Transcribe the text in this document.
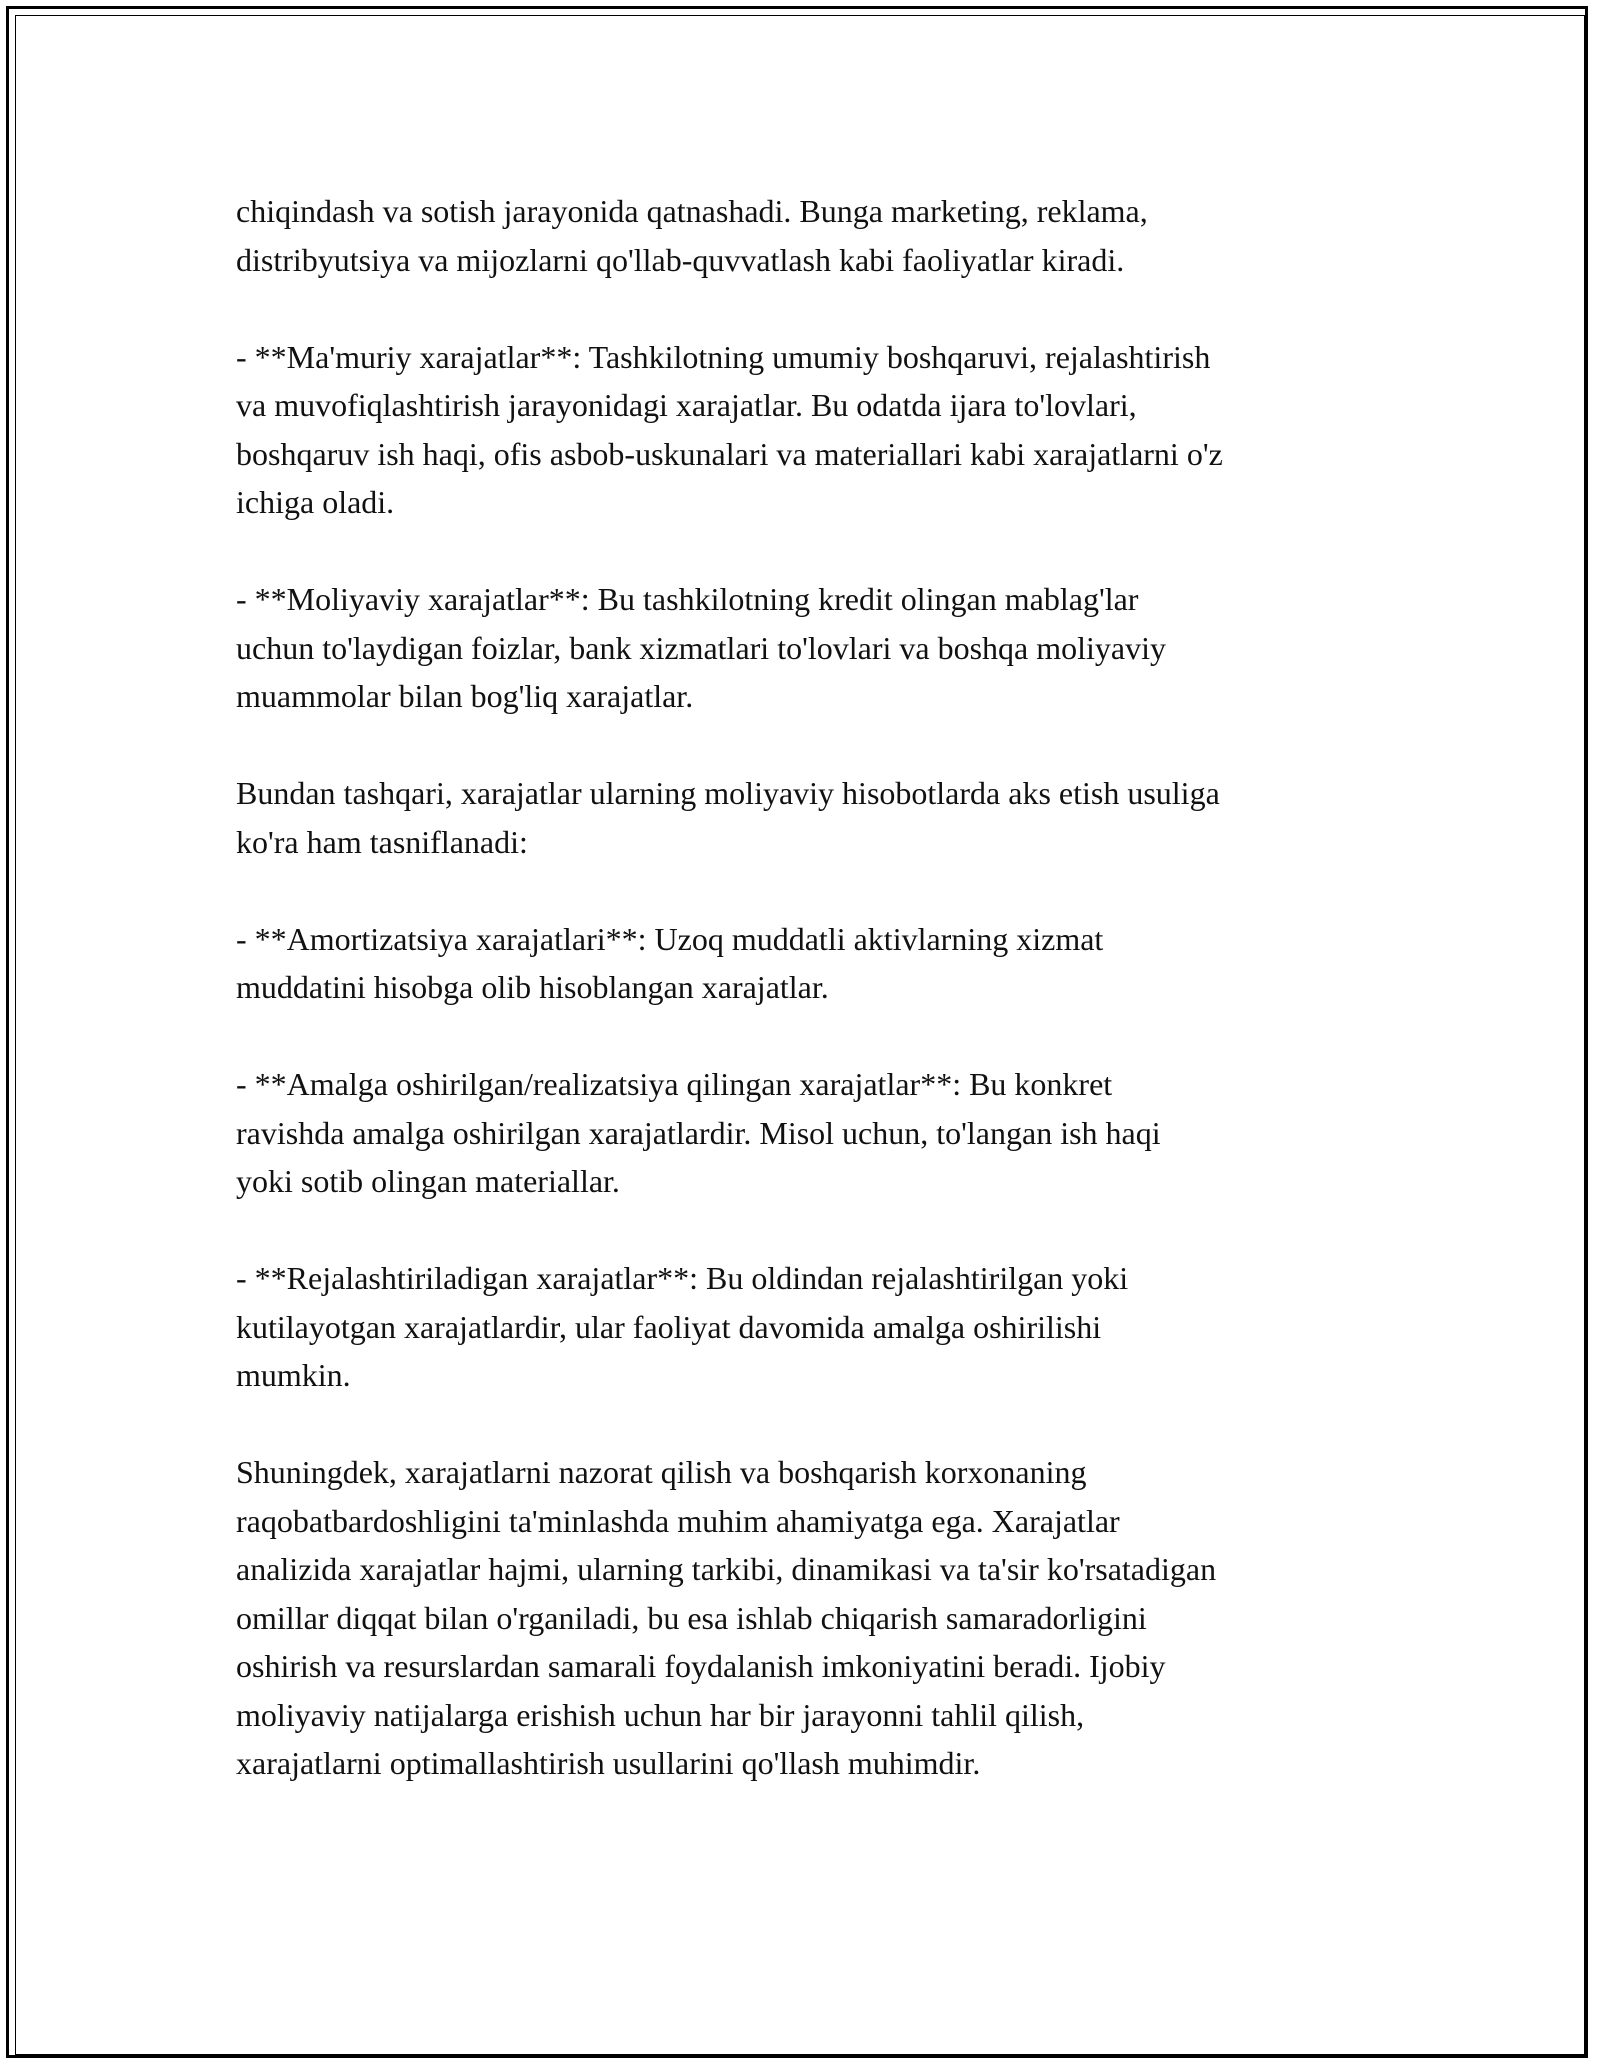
chiqindash va sotish jarayonida qatnashadi. Bunga marketing, reklama,
distribyutsiya va mijozlarni qo'llab-quvvatlash kabi faoliyatlar kiradi.

- **Ma'muriy xarajatlar**: Tashkilotning umumiy boshqaruvi, rejalashtirish
va muvofiqlashtirish jarayonidagi xarajatlar. Bu odatda ijara to'lovlari,
boshqaruv ish haqi, ofis asbob-uskunalari va materiallari kabi xarajatlarni o'z
ichiga oladi.

- **Moliyaviy xarajatlar**: Bu tashkilotning kredit olingan mablag'lar
uchun to'laydigan foizlar, bank xizmatlari to'lovlari va boshqa moliyaviy
muammolar bilan bog'liq xarajatlar.

Bundan tashqari, xarajatlar ularning moliyaviy hisobotlarda aks etish usuliga
ko'ra ham tasniflanadi:

- **Amortizatsiya xarajatlari**: Uzoq muddatli aktivlarning xizmat
muddatini hisobga olib hisoblangan xarajatlar.

- **Amalga oshirilgan/realizatsiya qilingan xarajatlar**: Bu konkret
ravishda amalga oshirilgan xarajatlardir. Misol uchun, to'langan ish haqi
yoki sotib olingan materiallar.

- **Rejalashtiriladigan xarajatlar**: Bu oldindan rejalashtirilgan yoki
kutilayotgan xarajatlardir, ular faoliyat davomida amalga oshirilishi
mumkin.

Shuningdek, xarajatlarni nazorat qilish va boshqarish korxonaning
raqobatbardoshligini ta'minlashda muhim ahamiyatga ega. Xarajatlar
analizida xarajatlar hajmi, ularning tarkibi, dinamikasi va ta'sir ko'rsatadigan
omillar diqqat bilan o'rganiladi, bu esa ishlab chiqarish samaradorligini
oshirish va resurslardan samarali foydalanish imkoniyatini beradi. Ijobiy
moliyaviy natijalarga erishish uchun har bir jarayonni tahlil qilish,
xarajatlarni optimallashtirish usullarini qo'llash muhimdir.
